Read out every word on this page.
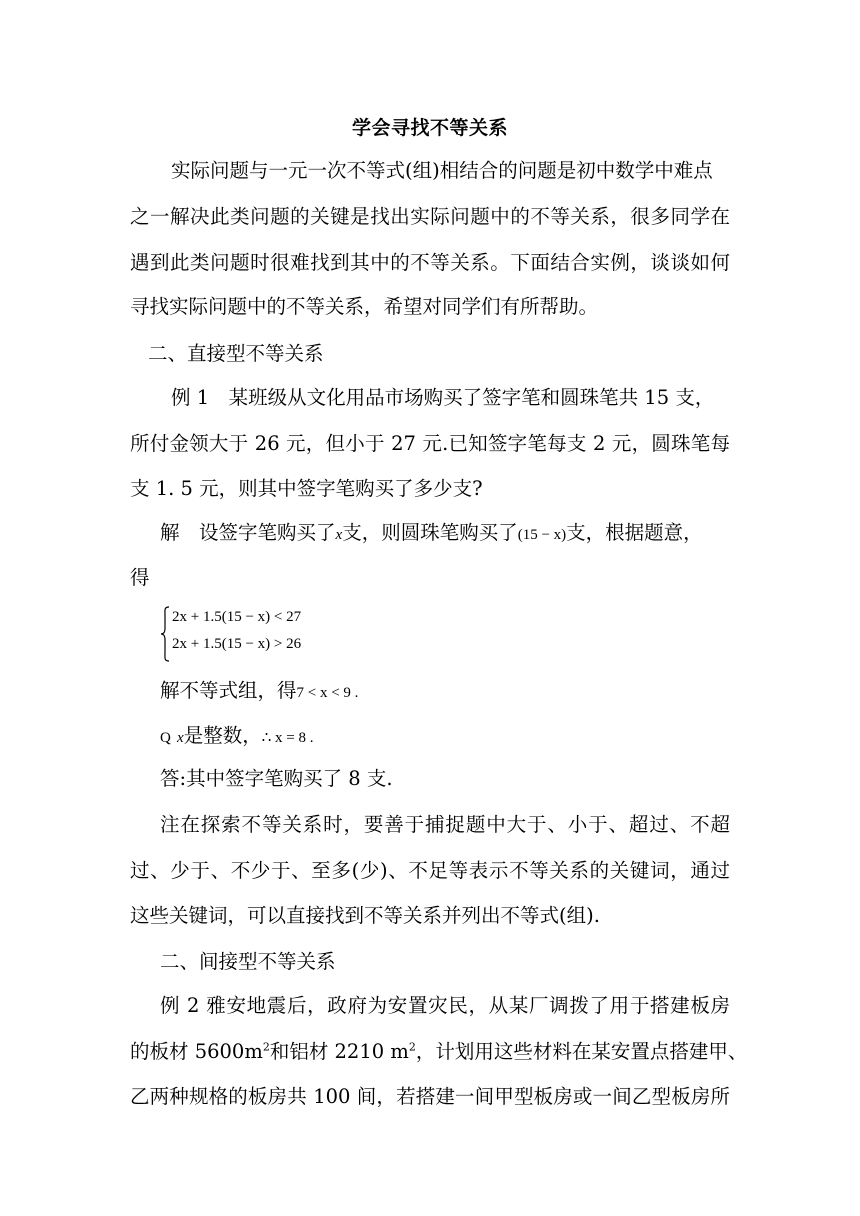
学会寻找不等关系
实际问题与一元一次不等式(组)相结合的问题是初中数学中难点
之一解决此类问题的关键是找出实际问题中的不等关系，很多同学在
遇到此类问题时很难找到其中的不等关系。下面结合实例，谈谈如何
寻找实际问题中的不等关系，希望对同学们有所帮助。
二、直接型不等关系
例 1　某班级从文化用品市场购买了签字笔和圆珠笔共 15 支，
所付金领大于 26 元，但小于 27 元.已知签字笔每支 2 元，圆珠笔每
支 1. 5 元，则其中签字笔购买了多少支?
解　设签字笔购买了x支，则圆珠笔购买了(15 − x)支，根据题意，
得
2x + 1.5(15 − x) < 27
2x + 1.5(15 − x) > 26
解不等式组，得7 < x < 9 .
Q x是整数，∴ x = 8 .
答:其中签字笔购买了 8 支.
注在探索不等关系时，要善于捕捉题中大于、小于、超过、不超
过、少于、不少于、至多(少)、不足等表示不等关系的关键词，通过
这些关键词，可以直接找到不等关系并列出不等式(组).
二、间接型不等关系
例 2 雅安地震后，政府为安置灾民，从某厂调拨了用于搭建板房
的板材 $5600m^2$和铝材 2210 $m^2$，计划用这些材料在某安置点搭建甲、
乙两种规格的板房共 100 间，若搭建一间甲型板房或一间乙型板房所
